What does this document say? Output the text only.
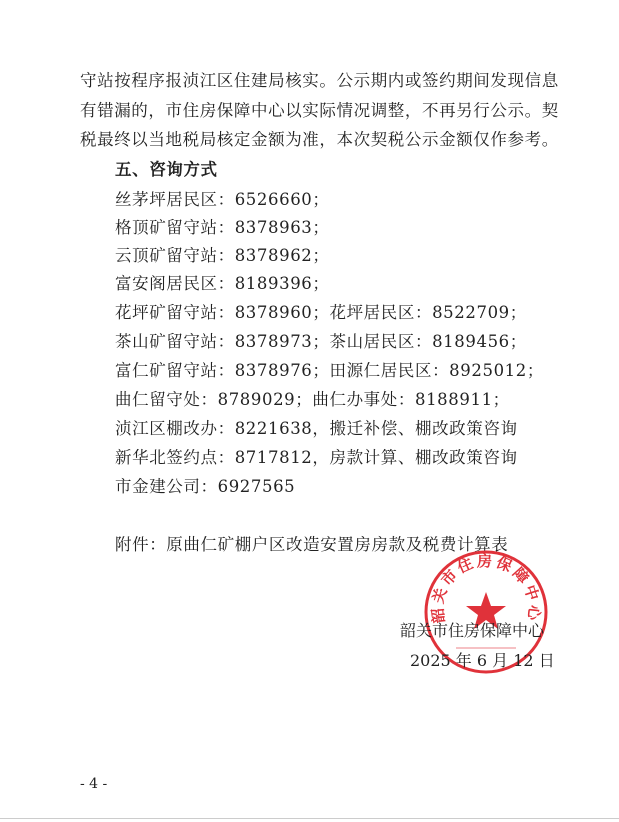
守站按程序报浈江区住建局核实。公示期内或签约期间发现信息
有错漏的，市住房保障中心以实际情况调整，不再另行公示。契
税最终以当地税局核定金额为准，本次契税公示金额仅作参考。
五、咨询方式
丝茅坪居民区：6526660；
格顶矿留守站：8378963；
云顶矿留守站：8378962；
富安阁居民区：8189396；
花坪矿留守站：8378960；花坪居民区：8522709；
茶山矿留守站：8378973；茶山居民区：8189456；
富仁矿留守站：8378976；田源仁居民区：8925012；
曲仁留守处：8789029；曲仁办事处：8188911；
浈江区棚改办：8221638，搬迁补偿、棚改政策咨询
新华北签约点：8717812，房款计算、棚改政策咨询
市金建公司：6927565
附件：原曲仁矿棚户区改造安置房房款及税费计算表
韶关市住房保障中心
韶关市住房保障中心
2025 年 6 月 12 日
- 4 -
